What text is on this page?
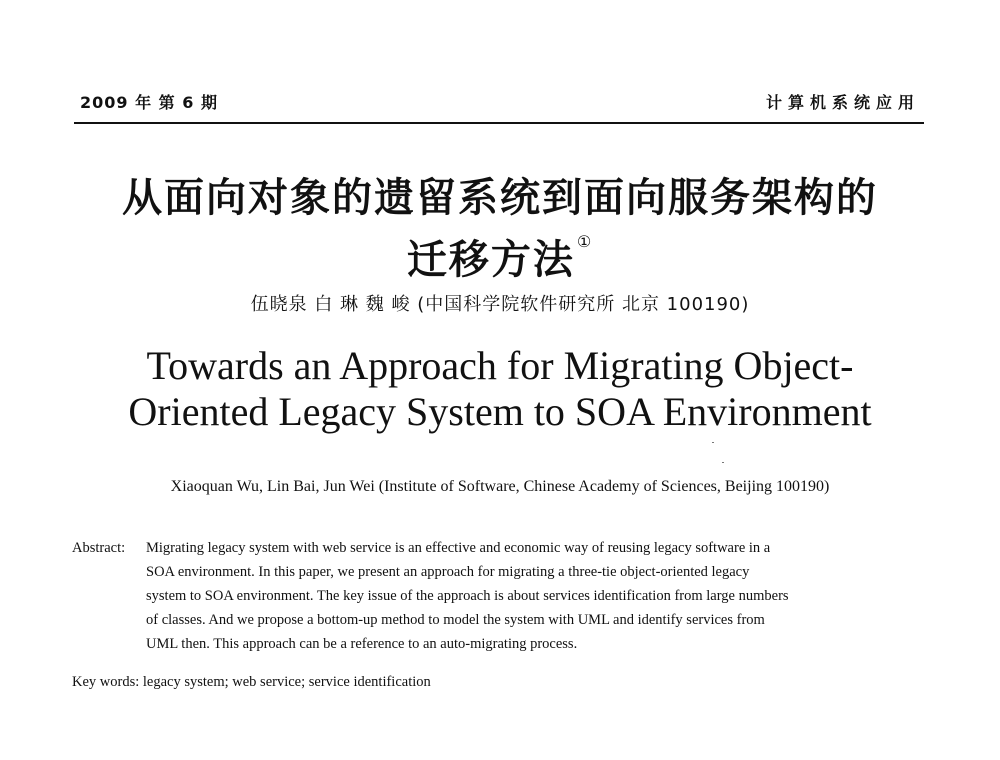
2009 年 第 6 期	计算机系统应用
从面向对象的遗留系统到面向服务架构的
迁移方法 ①
伍晓泉 白 琳 魏 峻 (中国科学院软件研究所 北京 100190)
Towards an Approach for Migrating Object-
Oriented Legacy System to SOA Environment
Xiaoquan Wu, Lin Bai, Jun Wei (Institute of Software, Chinese Academy of Sciences, Beijing 100190)
Abstract: Migrating legacy system with web service is an effective and economic way of reusing legacy software in a
SOA environment. In this paper, we present an approach for migrating a three-tie object-oriented legacy
system to SOA environment. The key issue of the approach is about services identification from large numbers
of classes. And we propose a bottom-up method to model the system with UML and identify services from
UML then. This approach can be a reference to an auto-migrating process.
Key words: legacy system; web service; service identification
